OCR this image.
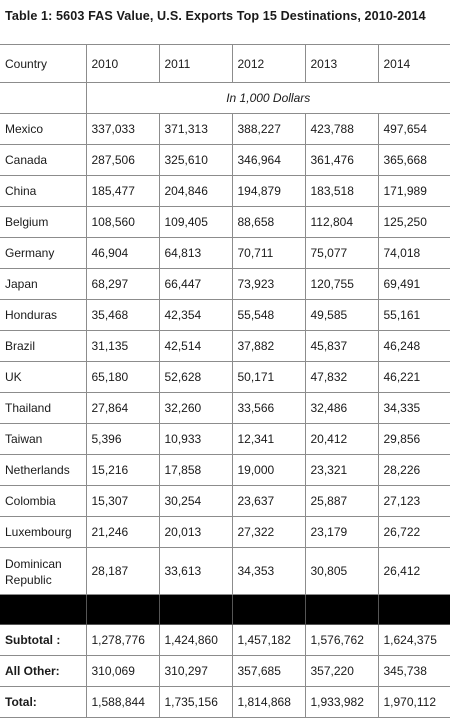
Table 1: 5603 FAS Value, U.S. Exports Top 15 Destinations, 2010-2014
Country	2010	2011	2012	2013	2014
	In 1,000 Dollars				
Mexico	337,033	371,313	388,227	423,788	497,654
Canada	287,506	325,610	346,964	361,476	365,668
China	185,477	204,846	194,879	183,518	171,989
Belgium	108,560	109,405	88,658	112,804	125,250
Germany	46,904	64,813	70,711	75,077	74,018
Japan	68,297	66,447	73,923	120,755	69,491
Honduras	35,468	42,354	55,548	49,585	55,161
Brazil	31,135	42,514	37,882	45,837	46,248
UK	65,180	52,628	50,171	47,832	46,221
Thailand	27,864	32,260	33,566	32,486	34,335
Taiwan	5,396	10,933	12,341	20,412	29,856
Netherlands	15,216	17,858	19,000	23,321	28,226
Colombia	15,307	30,254	23,637	25,887	27,123
Luxembourg	21,246	20,013	27,322	23,179	26,722
Dominican Republic	28,187	33,613	34,353	30,805	26,412

Subtotal :	1,278,776	1,424,860	1,457,182	1,576,762	1,624,375
All Other:	310,069	310,297	357,685	357,220	345,738
Total:	1,588,844	1,735,156	1,814,868	1,933,982	1,970,112
